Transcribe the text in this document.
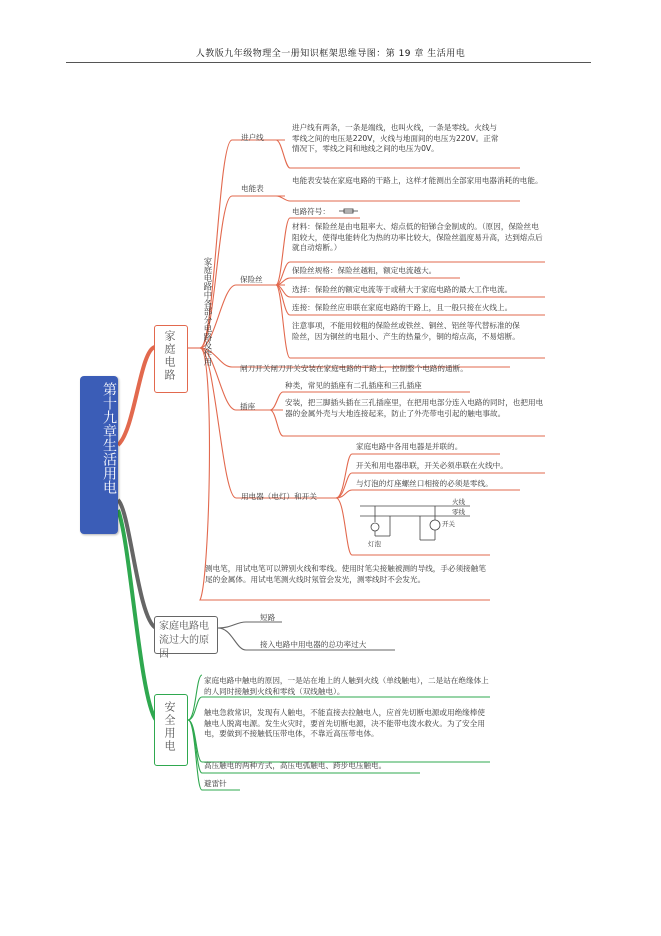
人教版九年级物理全一册知识框架思维导图：第 19 章 生活用电
第十九章生活用电
家庭电路
家庭电路电流过大的原因
安全用电
家庭电路中各部分电路及作用
进户线
进户线有两条，一条是端线，也叫火线，一条是零线。火线与零线之间的电压是220V，火线与地面间的电压为220V。正常情况下，零线之间和地线之间的电压为0V。
电能表
电能表安装在家庭电路的干路上，这样才能测出全部家用电器消耗的电能。
保险丝
电路符号：
材料：保险丝是由电阻率大、熔点低的铅锑合金制成的。（原因，保险丝电阻较大，使得电能转化为热的功率比较大，保险丝温度易升高，达到熔点后就自动熔断。）
保险丝规格：保险丝越粗，额定电流越大。
选择：保险丝的额定电流等于或稍大于家庭电路的最大工作电流。
连接：保险丝应串联在家庭电路的干路上，且一般只接在火线上。
注意事项，不能用较粗的保险丝或铁丝、铜丝、铝丝等代替标准的保险丝，因为铜丝的电阻小、产生的热量少，铜的熔点高，不易熔断。
闸刀开关闸刀开关安装在家庭电路的干路上，控制整个电路的通断。
插座
种类，常见的插座有二孔插座和三孔插座
安装，把三脚插头插在三孔插座里，在把用电部分连入电路的同时，也把用电器的金属外壳与大地连接起来，防止了外壳带电引起的触电事故。
用电器（电灯）和开关
家庭电路中各用电器是并联的。
开关和用电器串联，开关必须串联在火线中。
与灯泡的灯座螺丝口相接的必须是零线。
火线
零线
开关
灯泡
测电笔，用试电笔可以辨别火线和零线。使用时笔尖接触被测的导线，手必须接触笔尾的金属体。用试电笔测火线时氖管会发光，测零线时不会发光。
短路
接入电路中用电器的总功率过大
家庭电路中触电的原因，一是站在地上的人触到火线（单线触电），二是站在绝缘体上的人同时接触到火线和零线（双线触电）。
触电急救常识，发现有人触电，不能直接去拉触电人，应首先切断电源或用绝缘棒使触电人脱离电源。发生火灾时，要首先切断电源，决不能带电泼水救火。为了安全用电，要做到不接触低压带电体，不靠近高压带电体。
高压触电的两种方式，高压电弧触电、跨步电压触电。
避雷针
